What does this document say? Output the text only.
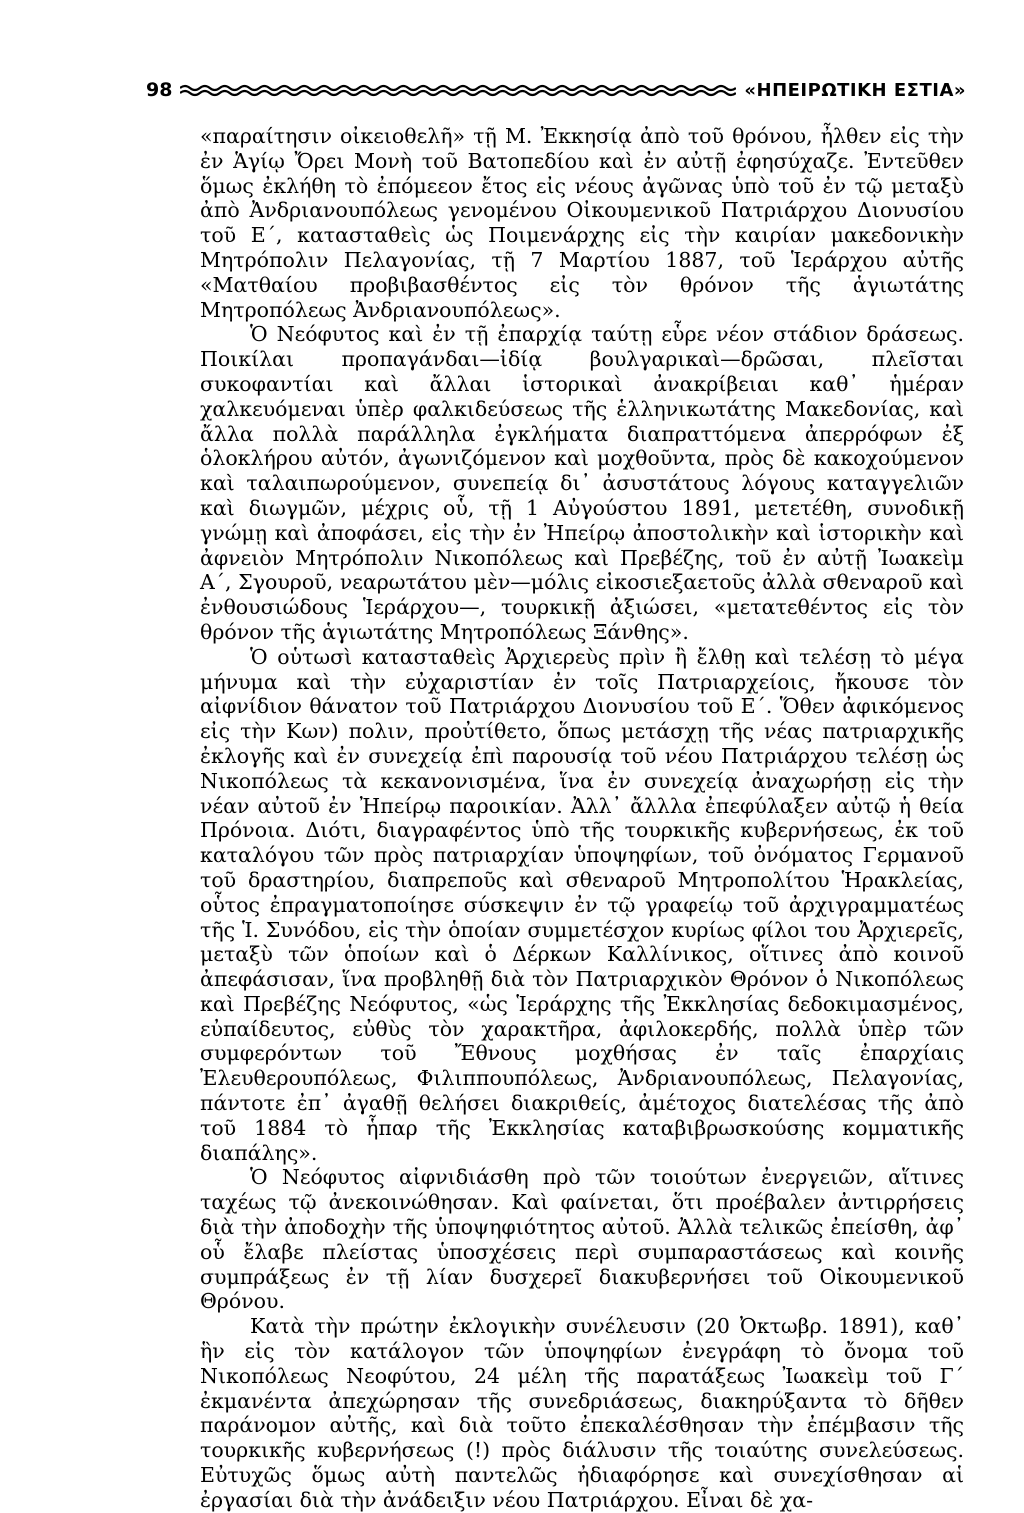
98	«ΗΠΕΙΡΩΤΙΚΗ ΕΣΤΙΑ»

«παραίτησιν οἰκειοθελῆ» τῇ Μ. Ἐκκησίᾳ ἀπὸ τοῦ θρόνου, ἦλθεν εἰς τὴν ἐν Ἁγίῳ Ὄρει Μονὴ τοῦ Βατοπεδίου καὶ ἐν αὐτῇ ἐφησύχαζε. Ἐντεῦθεν ὅμως ἐκλήθη τὸ ἐπόμεεον ἔτος εἰς νέους ἀγῶνας ὑπὸ τοῦ ἐν τῷ μεταξὺ ἀπὸ Ἀνδριανουπόλεως γενομένου Οἰκουμενικοῦ Πατριάρχου Διονυσίου τοῦ Ε΄, κατασταθεὶς ὡς Ποιμενάρχης εἰς τὴν καιρίαν μακεδονικὴν Μητρόπολιν Πελαγονίας, τῇ 7 Μαρτίου 1887, τοῦ Ἱεράρχου αὐτῆς «Ματθαίου προβιβασθέντος εἰς τὸν θρόνον τῆς ἁγιωτάτης Μητροπόλεως Ἀνδριανουπόλεως».

Ὁ Νεόφυτος καὶ ἐν τῇ ἐπαρχίᾳ ταύτῃ εὗρε νέον στάδιον δράσεως. Ποικίλαι προπαγάνδαι—ἰδίᾳ βουλγαρικαὶ—δρῶσαι, πλεῖσται συκοφαντίαι καὶ ἄλλαι ἱστορικαὶ ἀνακρίβειαι καθ᾽ ἡμέραν χαλκευόμεναι ὑπὲρ φαλκιδεύσεως τῆς ἑλληνικωτάτης Μακεδονίας, καὶ ἄλλα πολλὰ παράλληλα ἐγκλήματα διαπραττόμενα ἀπερρόφων ἐξ ὁλοκλήρου αὐτόν, ἀγωνιζόμενον καὶ μοχθοῦντα, πρὸς δὲ κακοχούμενον καὶ ταλαιπωρούμενον, συνεπείᾳ δι᾽ ἀσυστάτους λόγους καταγγελιῶν καὶ διωγμῶν, μέχρις οὗ, τῇ 1 Αὐγούστου 1891, μετετέθη, συνοδικῇ γνώμῃ καὶ ἀποφάσει, εἰς τὴν ἐν Ἠπείρῳ ἀποστολικὴν καὶ ἱστορικὴν καὶ ἀφνειὸν Μητρόπολιν Νικοπόλεως καὶ Πρεβέζης, τοῦ ἐν αὐτῇ Ἰωακεὶμ Α΄, Σγουροῦ, νεαρωτάτου μὲν—μόλις εἰκοσιεξαετοῦς ἀλλὰ σθεναροῦ καὶ ἐνθουσιώδους Ἱεράρχου—, τουρκικῇ ἀξιώσει, «μετατεθέντος εἰς τὸν θρόνον τῆς ἁγιωτάτης Μητροπόλεως Ξάνθης».

Ὁ οὑτωσὶ κατασταθεὶς Ἀρχιερεὺς πρὶν ἢ ἔλθῃ καὶ τελέσῃ τὸ μέγα μήνυμα καὶ τὴν εὐχαριστίαν ἐν τοῖς Πατριαρχείοις, ἤκουσε τὸν αἰφνίδιον θάνατον τοῦ Πατριάρχου Διονυσίου τοῦ Ε΄. Ὅθεν ἀφικόμενος εἰς τὴν Κων) πολιν, προὐτίθετο, ὅπως μετάσχῃ τῆς νέας πατριαρχικῆς ἐκλογῆς καὶ ἐν συνεχείᾳ ἐπὶ παρουσίᾳ τοῦ νέου Πατριάρχου τελέσῃ ὡς Νικοπόλεως τὰ κεκανονισμένα, ἵνα ἐν συνεχείᾳ ἀναχωρήσῃ εἰς τὴν νέαν αὐτοῦ ἐν Ἠπείρῳ παροικίαν. Ἀλλ᾽ ἄλλλα ἐπεφύλαξεν αὐτῷ ἡ θεία Πρόνοια. Διότι, διαγραφέντος ὑπὸ τῆς τουρκικῆς κυβερνήσεως, ἐκ τοῦ καταλόγου τῶν πρὸς πατριαρχίαν ὑποψηφίων, τοῦ ὀνόματος Γερμανοῦ τοῦ δραστηρίου, διαπρεποῦς καὶ σθεναροῦ Μητροπολίτου Ἡρακλείας, οὗτος ἐπραγματοποίησε σύσκεψιν ἐν τῷ γραφείῳ τοῦ ἀρχιγραμματέως τῆς Ἱ. Συνόδου, εἰς τὴν ὁποίαν συμμετέσχον κυρίως φίλοι του Ἀρχιερεῖς, μεταξὺ τῶν ὁποίων καὶ ὁ Δέρκων Καλλίνικος, οἵτινες ἀπὸ κοινοῦ ἀπεφάσισαν, ἵνα προβληθῇ διὰ τὸν Πατριαρχικὸν Θρόνον ὁ Νικοπόλεως καὶ Πρεβέζης Νεόφυτος, «ὡς Ἱεράρχης τῆς Ἐκκλησίας δεδοκιμασμένος, εὐπαίδευτος, εὐθὺς τὸν χαρακτῆρα, ἀφιλοκερδής, πολλὰ ὑπὲρ τῶν συμφερόντων τοῦ Ἔθνους μοχθήσας ἐν ταῖς ἐπαρχίαις Ἐλευθερουπόλεως, Φιλιππουπόλεως, Ἀνδριανουπόλεως, Πελαγονίας, πάντοτε ἐπ᾽ ἀγαθῇ θελήσει διακριθείς, ἀμέτοχος διατελέσας τῆς ἀπὸ τοῦ 1884 τὸ ἧπαρ τῆς Ἐκκλησίας καταβιβρωσκούσης κομματικῆς διαπάλης».

Ὁ Νεόφυτος αἰφνιδιάσθη πρὸ τῶν τοιούτων ἐνεργειῶν, αἵτινες ταχέως τῷ ἀνεκοινώθησαν. Καὶ φαίνεται, ὅτι προέβαλεν ἀντιρρήσεις διὰ τὴν ἀποδοχὴν τῆς ὑποψηφιότητος αὐτοῦ. Ἀλλὰ τελικῶς ἐπείσθη, ἀφ᾽ οὗ ἔλαβε πλείστας ὑποσχέσεις περὶ συμπαραστάσεως καὶ κοινῆς συμπράξεως ἐν τῇ λίαν δυσχερεῖ διακυβερνήσει τοῦ Οἰκουμενικοῦ Θρόνου.

Κατὰ τὴν πρώτην ἐκλογικὴν συνέλευσιν (20 Ὀκτωβρ. 1891), καθ᾽ ἣν εἰς τὸν κατάλογον τῶν ὑποψηφίων ἐνεγράφη τὸ ὄνομα τοῦ Νικοπόλεως Νεοφύτου, 24 μέλη τῆς παρατάξεως Ἰωακεὶμ τοῦ Γ΄ ἐκμανέντα ἀπεχώρησαν τῆς συνεδριάσεως, διακηρύξαντα τὸ δῆθεν παράνομον αὐτῆς, καὶ διὰ τοῦτο ἐπεκαλέσθησαν τὴν ἐπέμβασιν τῆς τουρκικῆς κυβερνήσεως (!) πρὸς διάλυσιν τῆς τοιαύτης συνελεύσεως. Εὐτυχῶς ὅμως αὐτὴ παντελῶς ἠδιαφόρησε καὶ συνεχίσθησαν αἱ ἐργασίαι διὰ τὴν ἀνάδειξιν νέου Πατριάρχου. Εἶναι δὲ χα-
